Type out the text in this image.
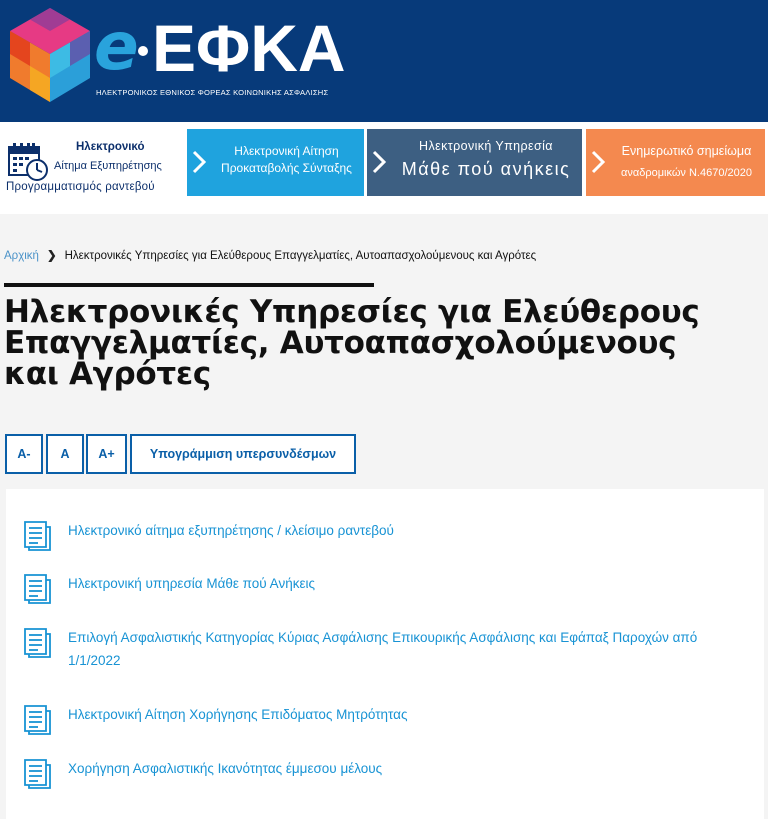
e ΕΦΚΑ
ΗΛΕΚΤΡΟΝΙΚΟΣ ΕΘΝΙΚΟΣ ΦΟΡΕΑΣ ΚΟΙΝΩΝΙΚΗΣ ΑΣΦΑΛΙΣΗΣ
Ηλεκτρονικό
Αίτημα Εξυπηρέτησης
Προγραμματισμός ραντεβού
Ηλεκτρονική Αίτηση
Προκαταβολής Σύνταξης
Ηλεκτρονική Υπηρεσία
Μάθε πού ανήκεις
Ενημερωτικό σημείωμα
αναδρομικών Ν.4670/2020
Αρχική ❯ Ηλεκτρονικές Υπηρεσίες για Ελεύθερους Επαγγελματίες, Αυτοαπασχολούμενους και Αγρότες
Ηλεκτρονικές Υπηρεσίες για Ελεύθερους Επαγγελματίες, Αυτοαπασχολούμενους και Αγρότες
A-	A	A+	Υπογράμμιση υπερσυνδέσμων
Ηλεκτρονικό αίτημα εξυπηρέτησης / κλείσιμο ραντεβού
Ηλεκτρονική υπηρεσία Μάθε πού Ανήκεις
Επιλογή Ασφαλιστικής Κατηγορίας Κύριας Ασφάλισης Επικουρικής Ασφάλισης και Εφάπαξ Παροχών από 1/1/2022
Ηλεκτρονική Αίτηση Χορήγησης Επιδόματος Μητρότητας
Χορήγηση Ασφαλιστικής Ικανότητας έμμεσου μέλους
